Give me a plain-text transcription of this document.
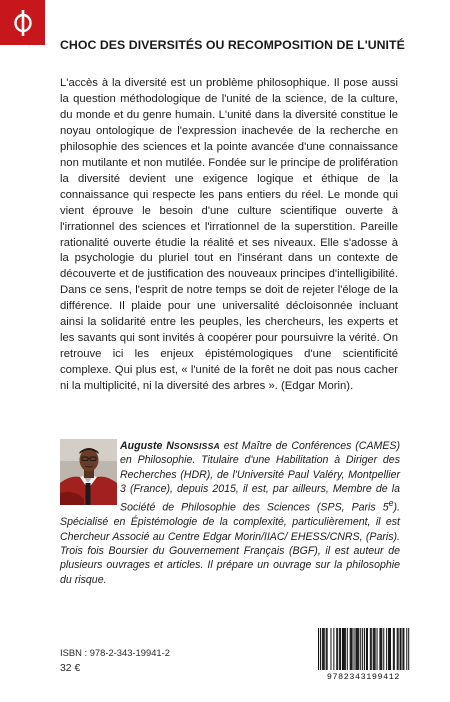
CHOC DES DIVERSITÉS OU RECOMPOSITION DE L'UNITÉ
L'accès à la diversité est un problème philosophique. Il pose aussi la question méthodologique de l'unité de la science, de la culture, du monde et du genre humain. L'unité dans la diversité constitue le noyau ontologique de l'expression inachevée de la recherche en philosophie des sciences et la pointe avancée d'une connaissance non mutilante et non mutilée. Fondée sur le principe de prolifération la diversité devient une exigence logique et éthique de la connaissance qui respecte les pans entiers du réel. Le monde qui vient éprouve le besoin d'une culture scientifique ouverte à l'irrationnel des sciences et l'irrationnel de la superstition. Pareille rationalité ouverte étudie la réalité et ses niveaux. Elle s'adosse à la psychologie du pluriel tout en l'insérant dans un contexte de découverte et de justification des nouveaux principes d'intelligibilité. Dans ce sens, l'esprit de notre temps se doit de rejeter l'éloge de la différence. Il plaide pour une universalité décloisonnée incluant ainsi la solidarité entre les peuples, les chercheurs, les experts et les savants qui sont invités à coopérer pour poursuivre la vérité. On retrouve ici les enjeux épistémologiques d'une scientificité complexe. Qui plus est, « l'unité de la forêt ne doit pas nous cacher ni la multiplicité, ni la diversité des arbres ». (Edgar Morin).
Auguste NSONSISSA est Maître de Conférences (CAMES) en Philosophie. Titulaire d'une Habilitation à Diriger des Recherches (HDR), de l'Université Paul Valéry, Montpellier 3 (France), depuis 2015, il est, par ailleurs, Membre de la Société de Philosophie des Sciences (SPS, Paris 5e). Spécialisé en Épistémologie de la complexité, particulièrement, il est Chercheur Associé au Centre Edgar Morin/IIAC/ EHESS/CNRS, (Paris). Trois fois Boursier du Gouvernement Français (BGF), il est auteur de plusieurs ouvrages et articles. Il prépare un ouvrage sur la philosophie du risque.
ISBN : 978-2-343-19941-2
32 €
9782343199412
